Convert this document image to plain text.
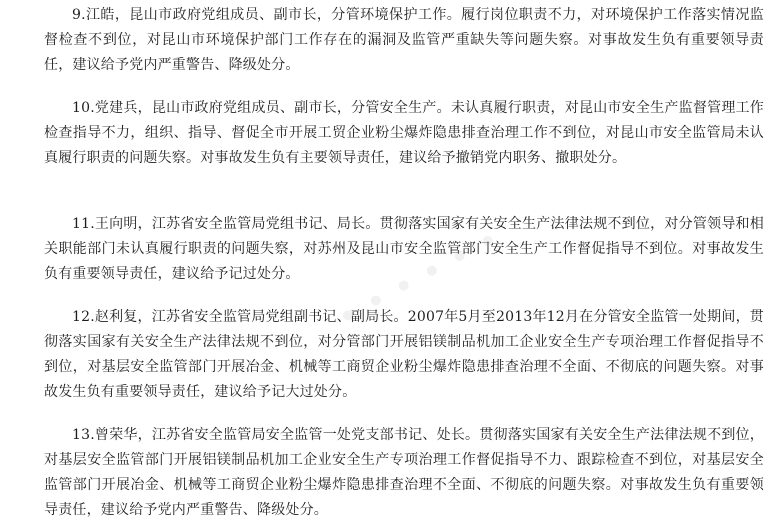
9.江皓，昆山市政府党组成员、副市长，分管环境保护工作。履行岗位职责不力，对环境保护工作落实情况监督检查不到位，对昆山市环境保护部门工作存在的漏洞及监管严重缺失等问题失察。对事故发生负有重要领导责任，建议给予党内严重警告、降级处分。

10.党建兵，昆山市政府党组成员、副市长，分管安全生产。未认真履行职责，对昆山市安全生产监督管理工作检查指导不力，组织、指导、督促全市开展工贸企业粉尘爆炸隐患排查治理工作不到位，对昆山市安全监管局未认真履行职责的问题失察。对事故发生负有主要领导责任，建议给予撤销党内职务、撤职处分。

11.王向明，江苏省安全监管局党组书记、局长。贯彻落实国家有关安全生产法律法规不到位，对分管领导和相关职能部门未认真履行职责的问题失察，对苏州及昆山市安全监管部门安全生产工作督促指导不到位。对事故发生负有重要领导责任，建议给予记过处分。

12.赵利复，江苏省安全监管局党组副书记、副局长。2007年5月至2013年12月在分管安全监管一处期间，贯彻落实国家有关安全生产法律法规不到位，对分管部门开展铝镁制品机加工企业安全生产专项治理工作督促指导不到位，对基层安全监管部门开展冶金、机械等工商贸企业粉尘爆炸隐患排查治理不全面、不彻底的问题失察。对事故发生负有重要领导责任，建议给予记大过处分。

13.曾荣华，江苏省安全监管局安全监管一处党支部书记、处长。贯彻落实国家有关安全生产法律法规不到位，对基层安全监管部门开展铝镁制品机加工企业安全生产专项治理工作督促指导不力、跟踪检查不到位，对基层安全监管部门开展冶金、机械等工商贸企业粉尘爆炸隐患排查治理不全面、不彻底的问题失察。对事故发生负有重要领导责任，建议给予党内严重警告、降级处分。

• • • • • •
